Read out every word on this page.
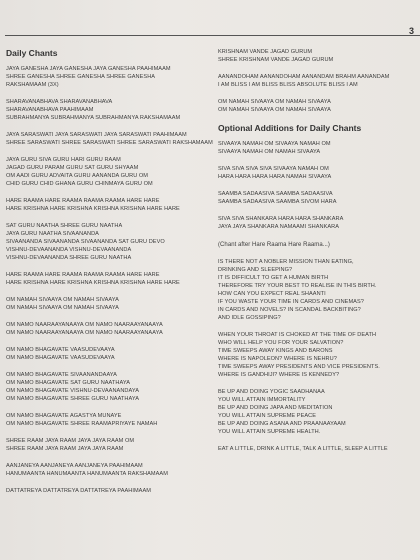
3
Daily Chants
JAYA GANESHA JAYA GANESHA JAYA GANESHA PAAHIMAAM
SHREE GANESHA SHREE GANESHA SHREE GANESHA
RAKSHAMAAM (3X)
SHARAVANABHAVA SHARAVANABHAVA
SHARAVANABHAVA PAAHIMAAM
SUBRAHMANYA SUBRAHMANYA SUBRAHMANYA RAKSHAMAAM
JAYA SARASWATI JAYA SARASWATI JAYA SARASWATI PAAHIMAAM
SHREE SARASWATI SHREE SARASWATI SHREE SARASWATI RAKSHAMAAM
JAYA GURU SIVA GURU HARI GURU RAAM
JAGAD GURU PARAM GURU SAT GURU SHYAAM
OM AADI GURU ADVAITA GURU AANANDA GURU OM
CHID GURU CHID GHANA GURU CHINMAYA GURU OM
HARE RAAMA HARE RAAMA RAAMA RAAMA HARE HARE
HARE KRISHNA HARE KRISHNA KRISHNA KRISHNA HARE HARE
SAT GURU NAATHA SHREE GURU NAATHA
JAYA GURU NAATHA SIVAANANDA
SIVAANANDA SIVAANANDA SIVAANANDA SAT GURU DEVO
VISHNU-DEVAANANDA VISHNU-DEVAANANDA
VISHNU-DEVAANANDA SHREE GURU NAATHA
HARE RAAMA HARE RAAMA RAAMA RAAMA HARE HARE
HARE KRISHNA HARE KRISHNA KRISHNA KRISHNA HARE HARE
OM NAMAH SIVAAYA OM NAMAH SIVAAYA
OM NAMAH SIVAAYA OM NAMAH SIVAAYA
OM NAMO NAARAAYANAAYA OM NAMO NAARAAYANAAYA
OM NAMO NAARAAYANAAYA OM NAMO NAARAAYANAAYA
OM NAMO BHAGAVATE VAASUDEVAAYA
OM NAMO BHAGAVATE VAASUDEVAAYA
OM NAMO BHAGAVATE SIVAANANDAAYA
OM NAMO BHAGAVATE SAT GURU NAATHAYA
OM NAMO BHAGAVATE VISHNU-DEVAANANDAYA
OM NAMO BHAGAVATE SHREE GURU NAATHAYA
OM NAMO BHAGAVATE AGASTYA MUNAYE
OM NAMO BHAGAVATE SHREE RAAMAPRIYAYE NAMAH
SHREE RAAM JAYA RAAM JAYA JAYA RAAM OM
SHREE RAAM JAYA RAAM JAYA JAYA RAAM
AANJANEYA AANJANEYA AANJANEYA PAAHIMAAM
HANUMAANTA HANUMAANTA HANUMAANTA RAKSHAMAAM
DATTATREYA DATTATREYA DATTATREYA PAAHIMAAM
KRISHNAM VANDE JAGAD GURUM
SHREE KRISHNAM VANDE JAGAD GURUM
AANANDOHAM AANANDOHAM AANANDAM BRAHM AANANDAM
I AM BLISS I AM BLISS BLISS ABSOLUTE BLISS I AM
OM NAMAH SIVAAYA OM NAMAH SIVAAYA
OM NAMAH SIVAAYA OM NAMAH SIVAAYA
Optional Additions for Daily Chants
SIVAAYA NAMAH OM SIVAAYA NAMAH OM
SIVAAYA NAMAH OM NAMAH SIVAAYA
SIVA SIVA SIVA SIVA SIVAAYA NAMAH OM
HARA HARA HARA HARA NAMAH SIVAAYA
SAAMBA SADAASIVA SAAMBA SADAASIVA
SAAMBA SADAASIVA SAAMBA SIVOM HARA
SIVA SIVA SHANKARA HARA HARA SHANKARA
JAYA JAYA SHANKARA NAMAAMI SHANKARA
(Chant after Hare Raama Hare Raama...)
IS THERE NOT A NOBLER MISSION THAN EATING,
DRINKING AND SLEEPING?
IT IS DIFFICULT TO GET A HUMAN BIRTH
THEREFORE TRY YOUR BEST TO REALISE IN THIS BIRTH.
HOW CAN YOU EXPECT REAL SHAANTI
IF YOU WASTE YOUR TIME IN CARDS AND CINEMAS?
IN CARDS AND NOVELS? IN SCANDAL BACKBITING?
AND IDLE GOSSIPING?
WHEN YOUR THROAT IS CHOKED AT THE TIME OF DEATH
WHO WILL HELP YOU FOR YOUR SALVATION?
TIME SWEEPS AWAY KINGS AND BARONS
WHERE IS NAPOLEON? WHERE IS NEHRU?
TIME SWEEPS AWAY PRESIDENTS AND VICE PRESIDENTS.
WHERE IS GANDHIJI? WHERE IS KENNEDY?
BE UP AND DOING YOGIC SAADHANAA
YOU WILL ATTAIN IMMORTALITY
BE UP AND DOING JAPA AND MEDITATION
YOU WILL ATTAIN SUPREME PEACE
BE UP AND DOING ASANA AND PRAANAAYAAM
YOU WILL ATTAIN SUPREME HEALTH.
EAT A LITTLE, DRINK A LITTLE, TALK A LITTLE, SLEEP A LITTLE
